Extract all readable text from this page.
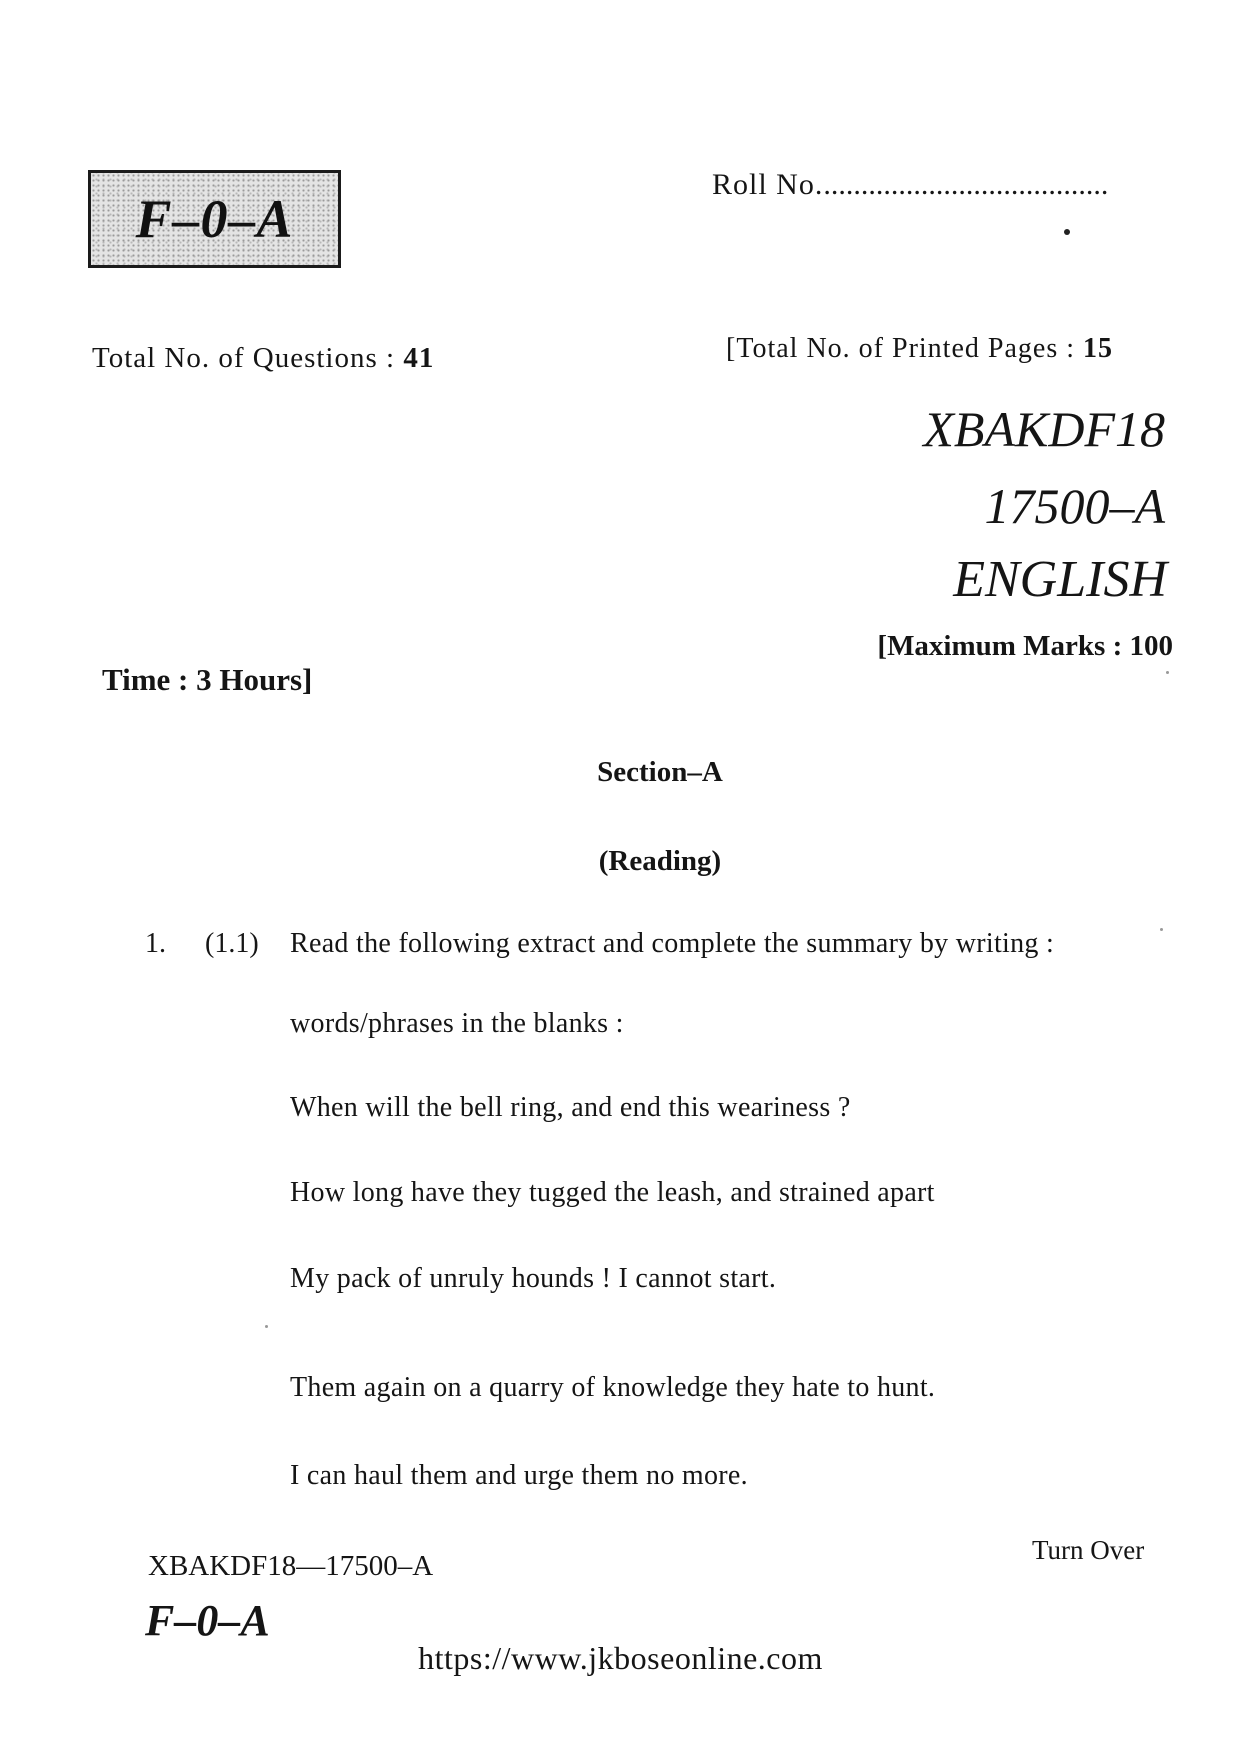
F–0–A
Roll No.......................................
Total No. of Questions : 41	[Total No. of Printed Pages : 15
XBAKDF18
17500–A
ENGLISH
[Maximum Marks : 100
Time : 3 Hours]
Section–A
(Reading)
1. (1.1) Read the following extract and complete the summary by writing :
words/phrases in the blanks :
When will the bell ring, and end this weariness ?
How long have they tugged the leash, and strained apart
My pack of unruly hounds ! I cannot start.
Them again on a quarry of knowledge they hate to hunt.
I can haul them and urge them no more.
Turn Over
XBAKDF18—17500–A
F–0–A
https://www.jkboseonline.com
